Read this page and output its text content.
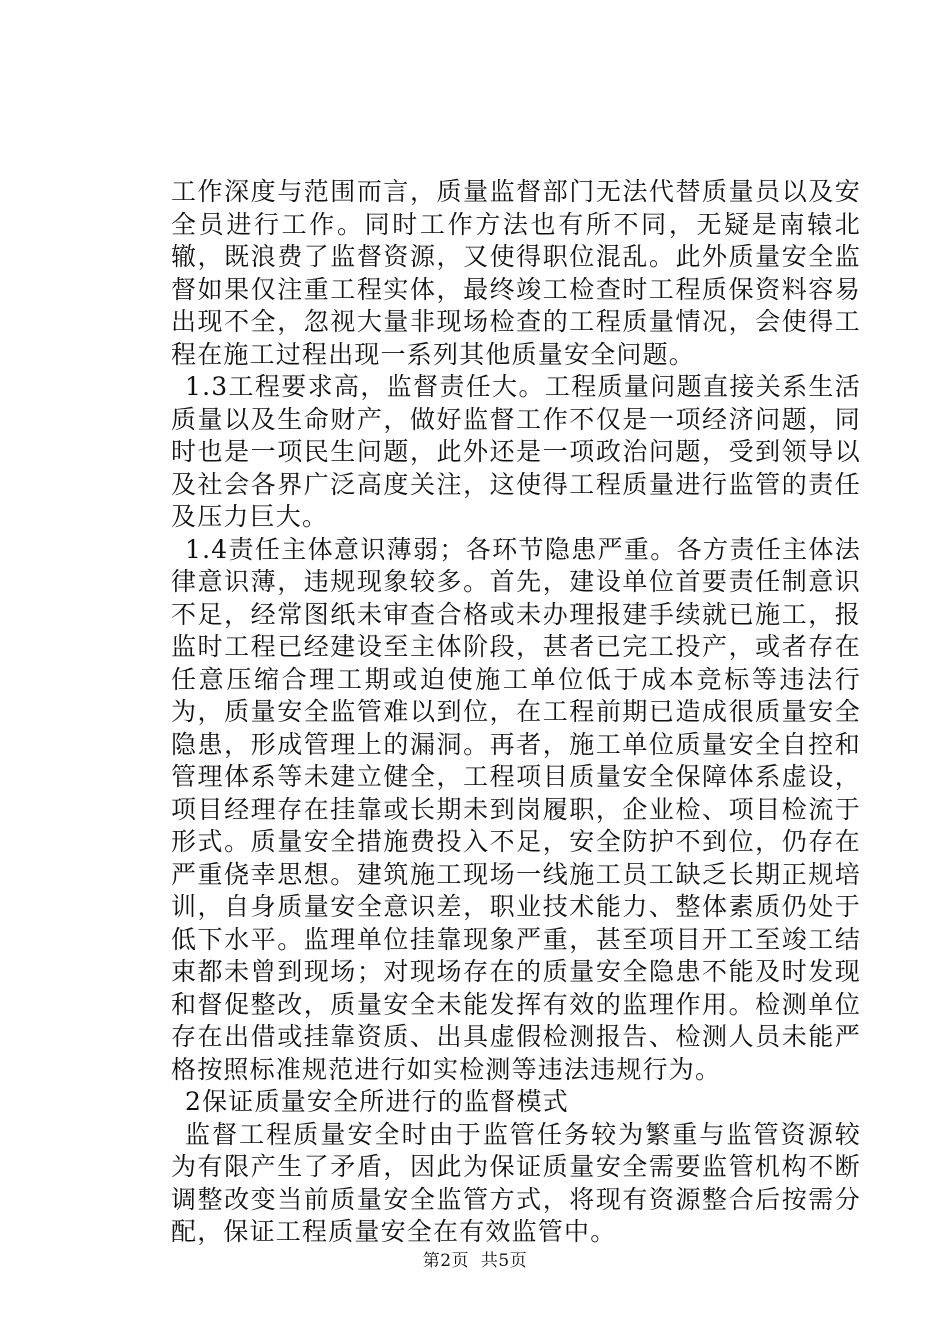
工作深度与范围而言，质量监督部门无法代替质量员以及安全员进行工作。同时工作方法也有所不同，无疑是南辕北辙，既浪费了监督资源，又使得职位混乱。此外质量安全监督如果仅注重工程实体，最终竣工检查时工程质保资料容易出现不全，忽视大量非现场检查的工程质量情况，会使得工程在施工过程出现一系列其他质量安全问题。

1.3工程要求高，监督责任大。工程质量问题直接关系生活质量以及生命财产，做好监督工作不仅是一项经济问题，同时也是一项民生问题，此外还是一项政治问题，受到领导以及社会各界广泛高度关注，这使得工程质量进行监管的责任及压力巨大。

1.4责任主体意识薄弱；各环节隐患严重。各方责任主体法律意识薄，违规现象较多。首先，建设单位首要责任制意识不足，经常图纸未审查合格或未办理报建手续就已施工，报监时工程已经建设至主体阶段，甚者已完工投产，或者存在任意压缩合理工期或迫使施工单位低于成本竞标等违法行为，质量安全监管难以到位，在工程前期已造成很质量安全隐患，形成管理上的漏洞。再者，施工单位质量安全自控和管理体系等未建立健全，工程项目质量安全保障体系虚设，项目经理存在挂靠或长期未到岗履职，企业检、项目检流于形式。质量安全措施费投入不足，安全防护不到位，仍存在严重侥幸思想。建筑施工现场一线施工员工缺乏长期正规培训，自身质量安全意识差，职业技术能力、整体素质仍处于低下水平。监理单位挂靠现象严重，甚至项目开工至竣工结束都未曾到现场；对现场存在的质量安全隐患不能及时发现和督促整改，质量安全未能发挥有效的监理作用。检测单位存在出借或挂靠资质、出具虚假检测报告、检测人员未能严格按照标准规范进行如实检测等违法违规行为。

2保证质量安全所进行的监督模式

监督工程质量安全时由于监管任务较为繁重与监管资源较为有限产生了矛盾，因此为保证质量安全需要监管机构不断调整改变当前质量安全监管方式，将现有资源整合后按需分配，保证工程质量安全在有效监管中。

第2页 共5页
